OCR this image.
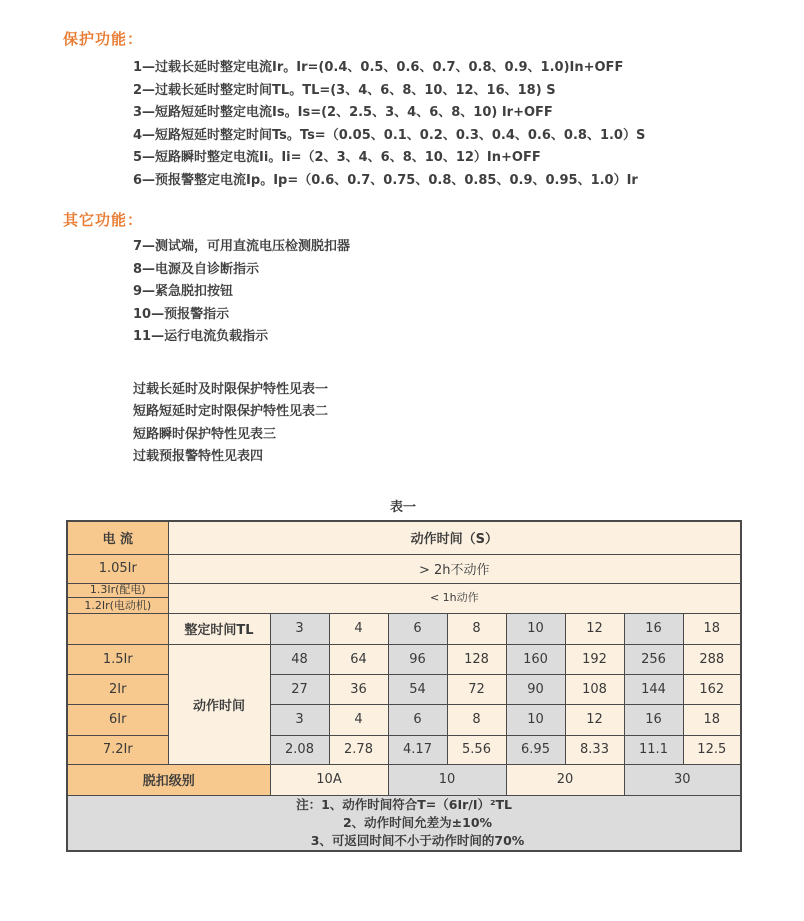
保护功能：
1—过载长延时整定电流Ir。Ir=(0.4、0.5、0.6、0.7、0.8、0.9、1.0)In+OFF
2—过载长延时整定时间TL。TL=(3、4、6、8、10、12、16、18) S
3—短路短延时整定电流Is。Is=(2、2.5、3、4、6、8、10) Ir+OFF
4—短路短延时整定时间Ts。Ts=（0.05、0.1、0.2、0.3、0.4、0.6、0.8、1.0）S
5—短路瞬时整定电流Ii。Ii=（2、3、4、6、8、10、12）In+OFF
6—预报警整定电流Ip。Ip=（0.6、0.7、0.75、0.8、0.85、0.9、0.95、1.0）Ir
其它功能：
7—测试端，可用直流电压检测脱扣器
8—电源及自诊断指示
9—紧急脱扣按钮
10—预报警指示
11—运行电流负载指示
过载长延时及时限保护特性见表一
短路短延时定时限保护特性见表二
短路瞬时保护特性见表三
过载预报警特性见表四
表一
电 流	动作时间（S）								
1.05Ir	> 2h不动作								
1.3Ir(配电)	< 1h动作								
1.2Ir(电动机)									
	整定时间TL	3	4	6	8	10	12	16	18
1.5Ir	动作时间	48	64	96	128	160	192	256	288
2Ir		27	36	54	72	90	108	144	162
6Ir		3	4	6	8	10	12	16	18
7.2Ir		2.08	2.78	4.17	5.56	6.95	8.33	11.1	12.5
脱扣级别		10A		10		20		30	

注：1、动作时间符合T=（6Ir/I）²TL
2、动作时间允差为±10%
3、可返回时间不小于动作时间的70%									
